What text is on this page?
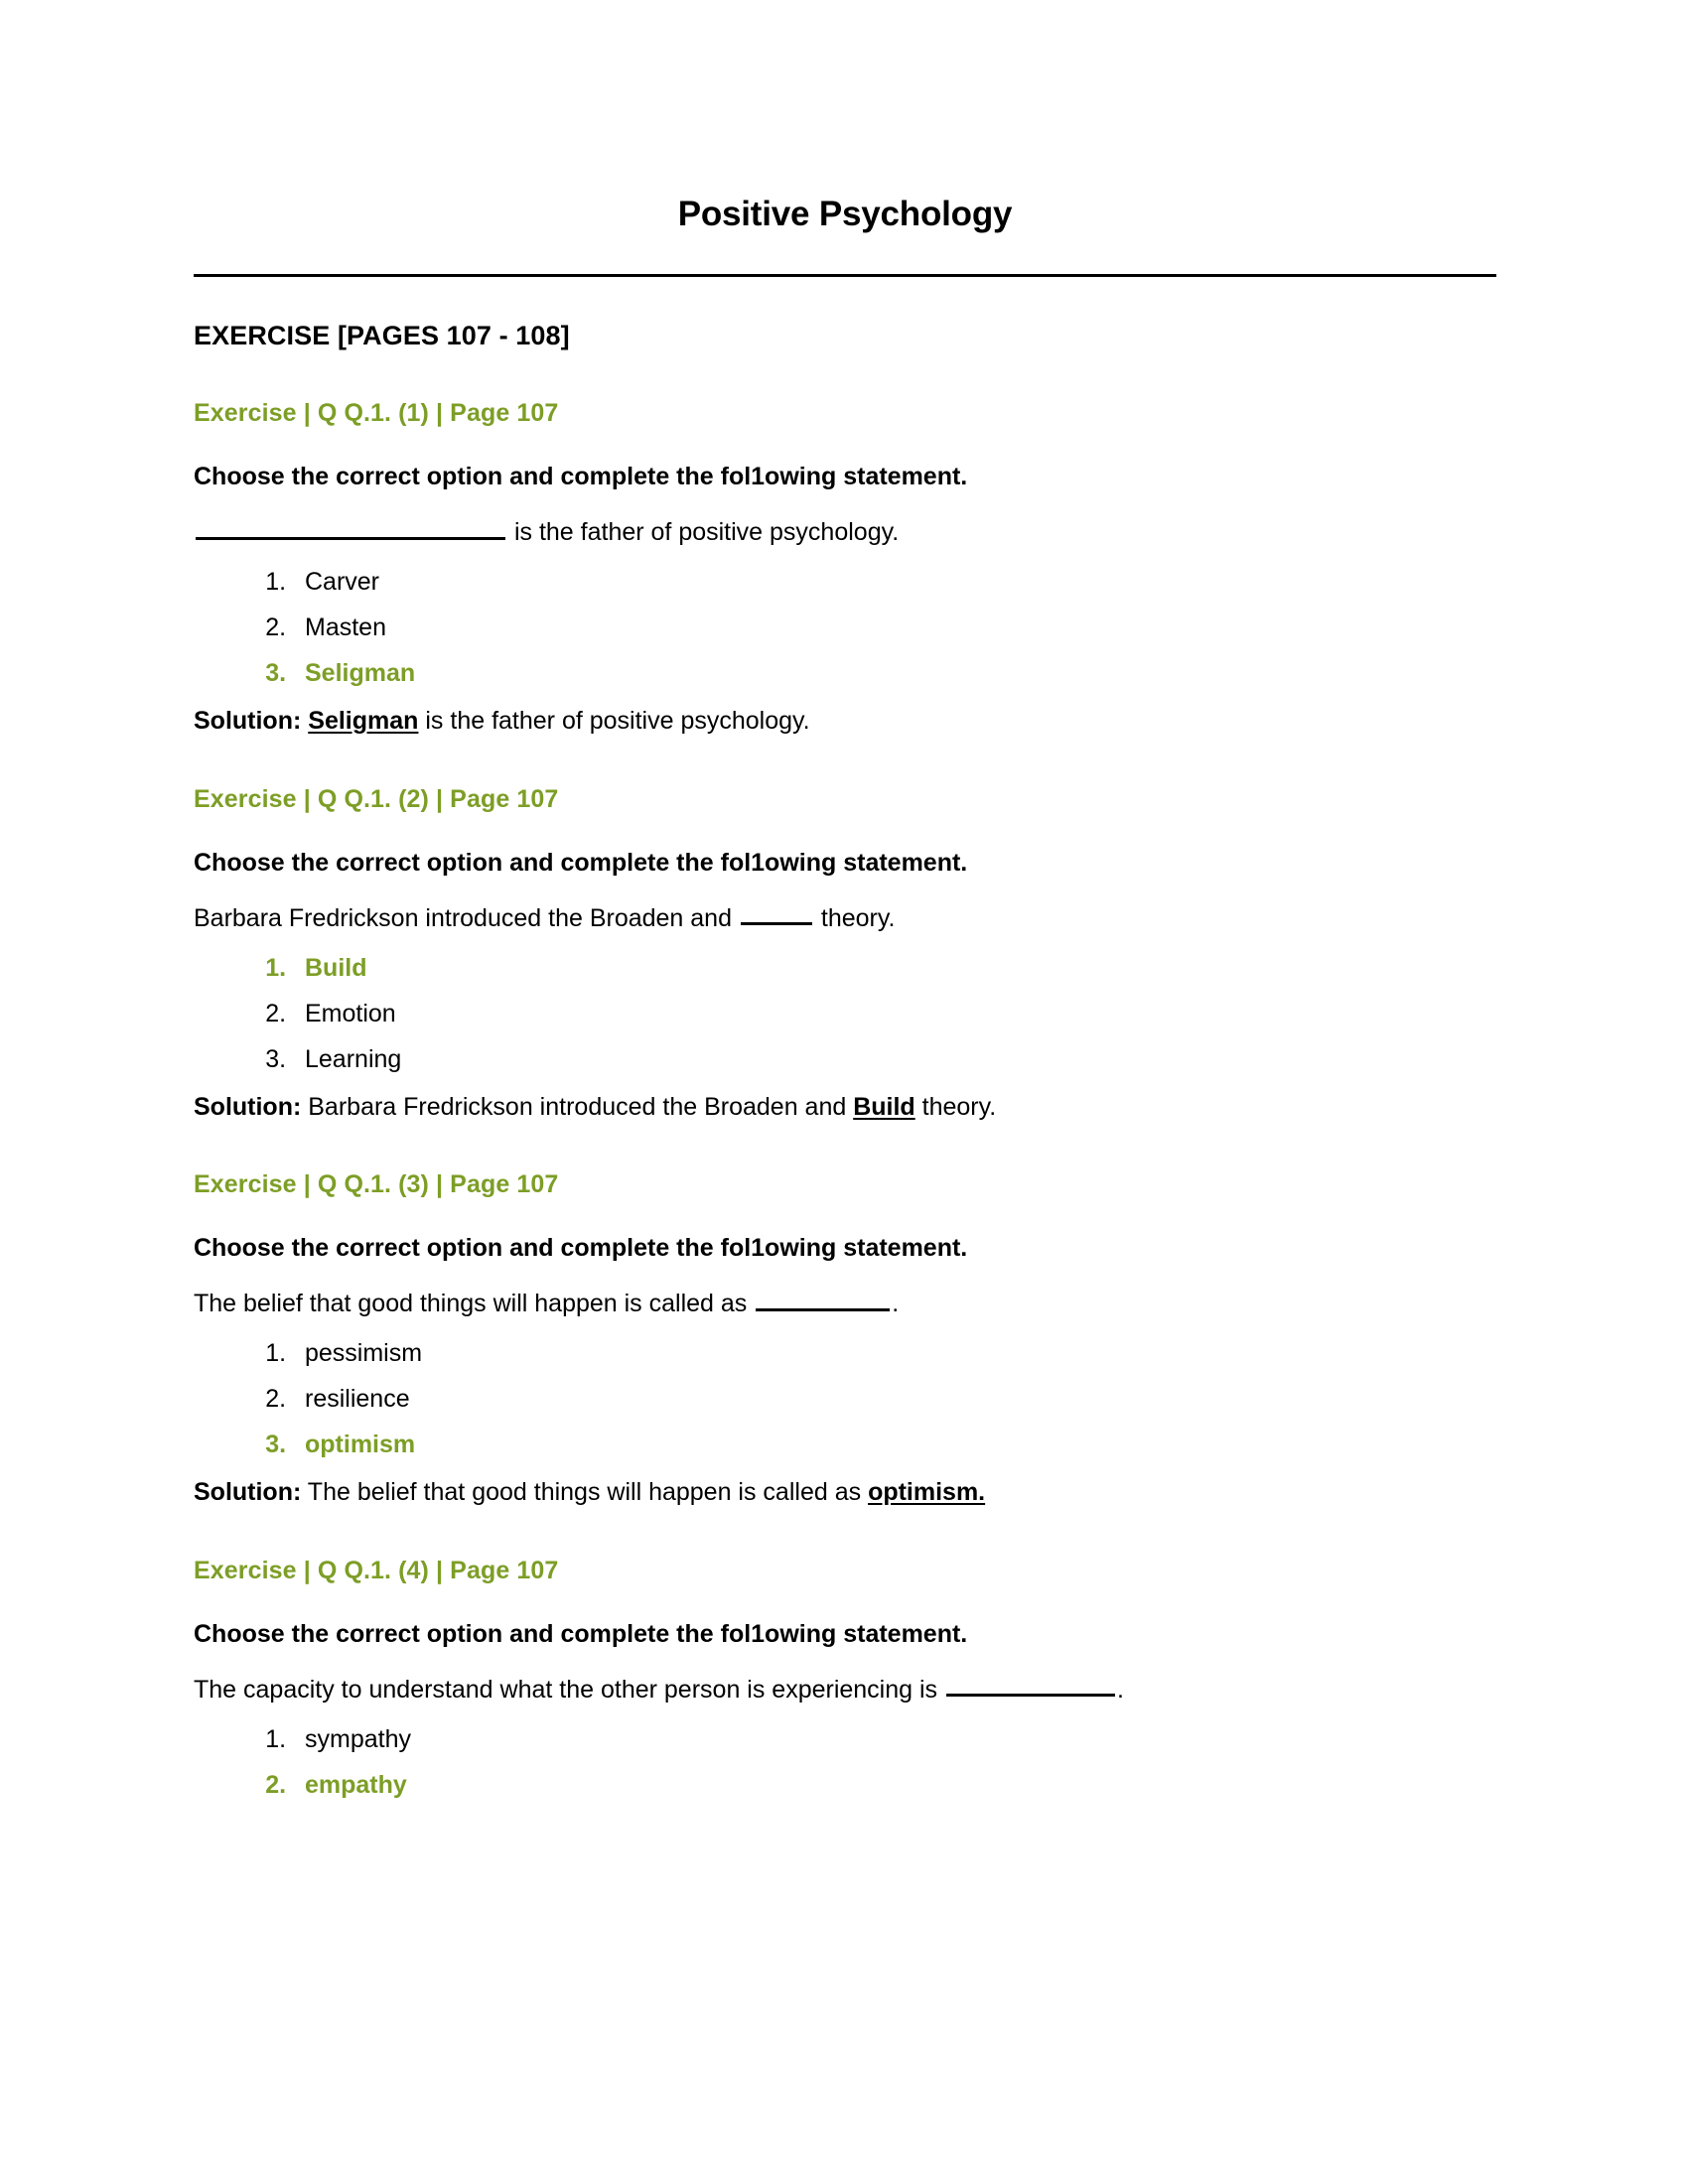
Positive Psychology
EXERCISE [PAGES 107 - 108]
Exercise | Q Q.1. (1) | Page 107
Choose the correct option and complete the fol1owing statement.
is the father of positive psychology.
1. Carver
2. Masten
3. Seligman
Solution: Seligman is the father of positive psychology.
Exercise | Q Q.1. (2) | Page 107
Choose the correct option and complete the fol1owing statement.
Barbara Fredrickson introduced the Broaden and	theory.
1. Build
2. Emotion
3. Learning
Solution: Barbara Fredrickson introduced the Broaden and Build theory.
Exercise | Q Q.1. (3) | Page 107
Choose the correct option and complete the fol1owing statement.
The belief that good things will happen is called as	.
1. pessimism
2. resilience
3. optimism
Solution: The belief that good things will happen is called as optimism.
Exercise | Q Q.1. (4) | Page 107
Choose the correct option and complete the fol1owing statement.
The capacity to understand what the other person is experiencing is	.
1. sympathy
2. empathy
